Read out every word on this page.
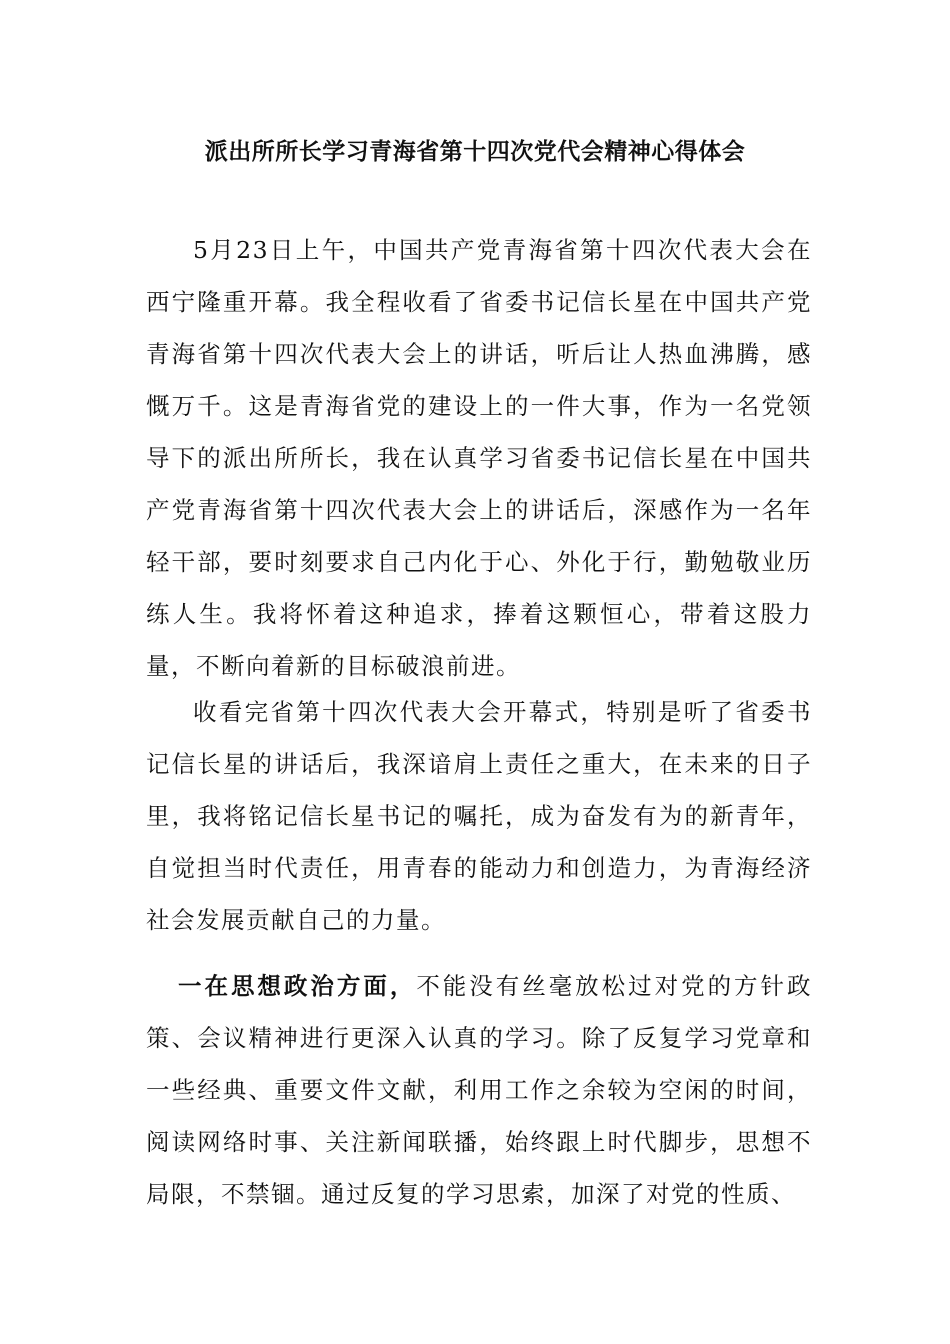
派出所所长学习青海省第十四次党代会精神心得体会

5月23日上午，中国共产党青海省第十四次代表大会在西宁隆重开幕。我全程收看了省委书记信长星在中国共产党青海省第十四次代表大会上的讲话，听后让人热血沸腾，感慨万千。这是青海省党的建设上的一件大事，作为一名党领导下的派出所所长，我在认真学习省委书记信长星在中国共产党青海省第十四次代表大会上的讲话后，深感作为一名年轻干部，要时刻要求自己内化于心、外化于行，勤勉敬业历练人生。我将怀着这种追求，捧着这颗恒心，带着这股力量，不断向着新的目标破浪前进。

收看完省第十四次代表大会开幕式，特别是听了省委书记信长星的讲话后，我深谙肩上责任之重大，在未来的日子里，我将铭记信长星书记的嘱托，成为奋发有为的新青年，自觉担当时代责任，用青春的能动力和创造力，为青海经济社会发展贡献自己的力量。

一在思想政治方面，不能没有丝毫放松过对党的方针政策、会议精神进行更深入认真的学习。除了反复学习党章和一些经典、重要文件文献，利用工作之余较为空闲的时间，阅读网络时事、关注新闻联播，始终跟上时代脚步，思想不局限，不禁锢。通过反复的学习思索，加深了对党的性质、
